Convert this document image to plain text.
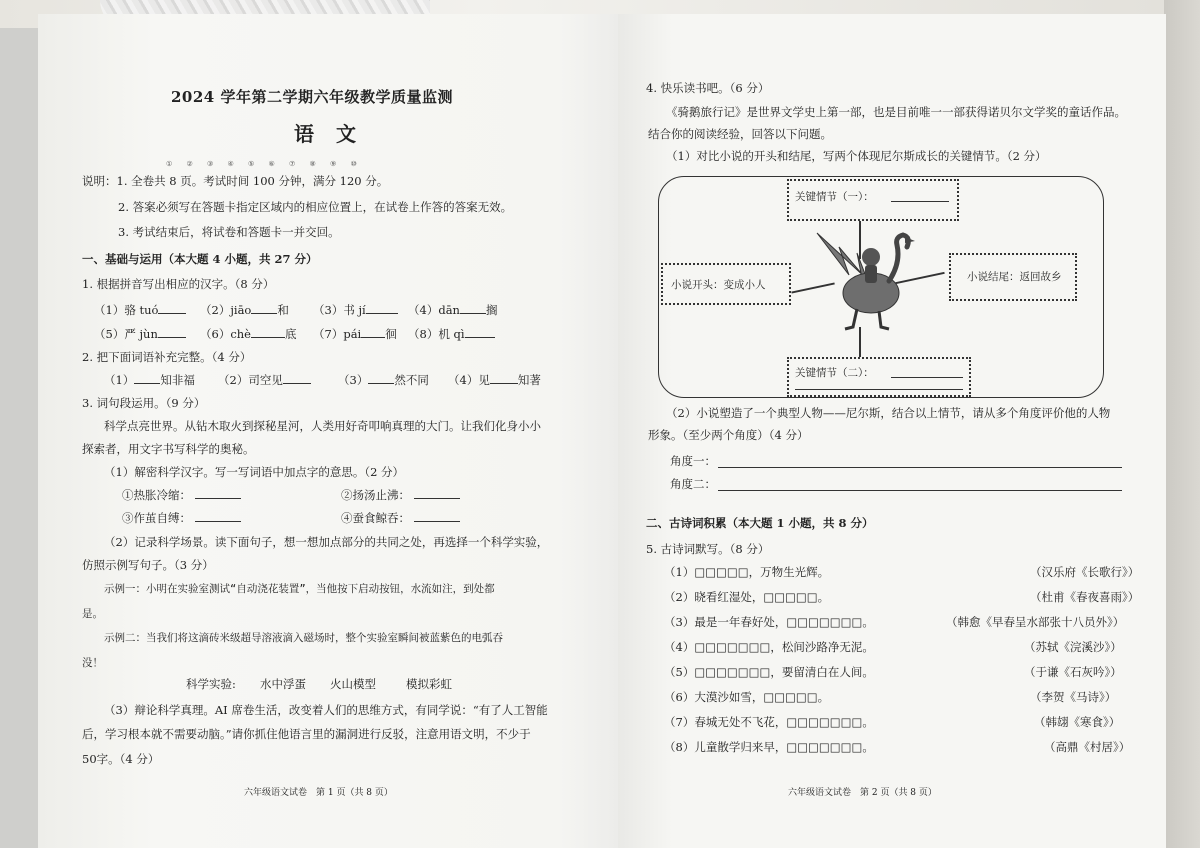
2024 学年第二学期六年级教学质量监测
语文
① ② ③ ④ ⑤ ⑥ ⑦ ⑧ ⑨ ⑩
说明：1. 全卷共 8 页。考试时间 100 分钟，满分 120 分。
2. 答案必须写在答题卡指定区域内的相应位置上，在试卷上作答的答案无效。
3. 考试结束后，将试卷和答题卡一并交回。
一、基础与运用（本大题 4 小题，共 27 分）
1. 根据拼音写出相应的汉字。（8 分）
（1）骆 tuó	（2）jiāo 和 （3）书 jí	（4）dān 搁
（5）严 jùn	（6）chè	底 （7）pái 徊 （8）机 qì
2. 把下面词语补充完整。（4 分）
（1） 知非福 （2）司空见	（3） 然不同 （4）见 知著
3. 词句段运用。（9 分）
科学点亮世界。从钻木取火到探秘星河，人类用好奇叩响真理的大门。让我们化身小小
探索者，用文字书写科学的奥秘。
（1）解密科学汉字。写一写词语中加点字的意思。（2 分）
①热胀冷缩：	②扬汤止沸：
③作茧自缚：	④蚕食鲸吞：
（2）记录科学场景。读下面句子，想一想加点部分的共同之处，再选择一个科学实验，
仿照示例写句子。（3 分）
示例一：小明在实验室测试“自动浇花装置”，当他按下启动按钮，水流如注，到处都
是。
示例二：当我们将这滴砖米级超导溶液滴入磁场时，整个实验室瞬间被蓝紫色的电弧吞
没！
科学实验: 水中浮蛋 火山模型	模拟彩虹
（3）辩论科学真理。AI 席卷生活，改变着人们的思维方式，有同学说：“有了人工智能
后，学习根本就不需要动脑。”请你抓住他语言里的漏洞进行反驳，注意用语文明，不少于
50字。（4 分）
六年级语文试卷　第 1 页（共 8 页）
4. 快乐读书吧。（6 分）
《骑鹅旅行记》是世界文学史上第一部，也是目前唯一一部获得诺贝尔文学奖的童话作品。
结合你的阅读经验，回答以下问题。
（1）对比小说的开头和结尾，写两个体现尼尔斯成长的关键情节。（2 分）
关键情节（一）：
小说开头：变成小人
小说结尾：返回故乡
关键情节（二）：
（2）小说塑造了一个典型人物——尼尔斯，结合以上情节，请从多个角度评价他的人物
形象。（至少两个角度）（4 分）
角度一：
角度二：
二、古诗词积累（本大题 1 小题，共 8 分）
5. 古诗词默写。（8 分）
（1）□□□□□，万物生光辉。	（汉乐府《长歌行》）
（2）晓看红湿处，□□□□□。	（杜甫《春夜喜雨》）
（3）最是一年春好处，□□□□□□□。	（韩愈《早春呈水部张十八员外》）
（4）□□□□□□□，松间沙路净无泥。	（苏轼《浣溪沙》）
（5）□□□□□□□，要留清白在人间。	（于谦《石灰吟》）
（6）大漠沙如雪，□□□□□。	（李贺《马诗》）
（7）春城无处不飞花，□□□□□□□。	（韩翃《寒食》）
（8）儿童散学归来早，□□□□□□□。	（高鼎《村居》）
六年级语文试卷　第 2 页（共 8 页）
